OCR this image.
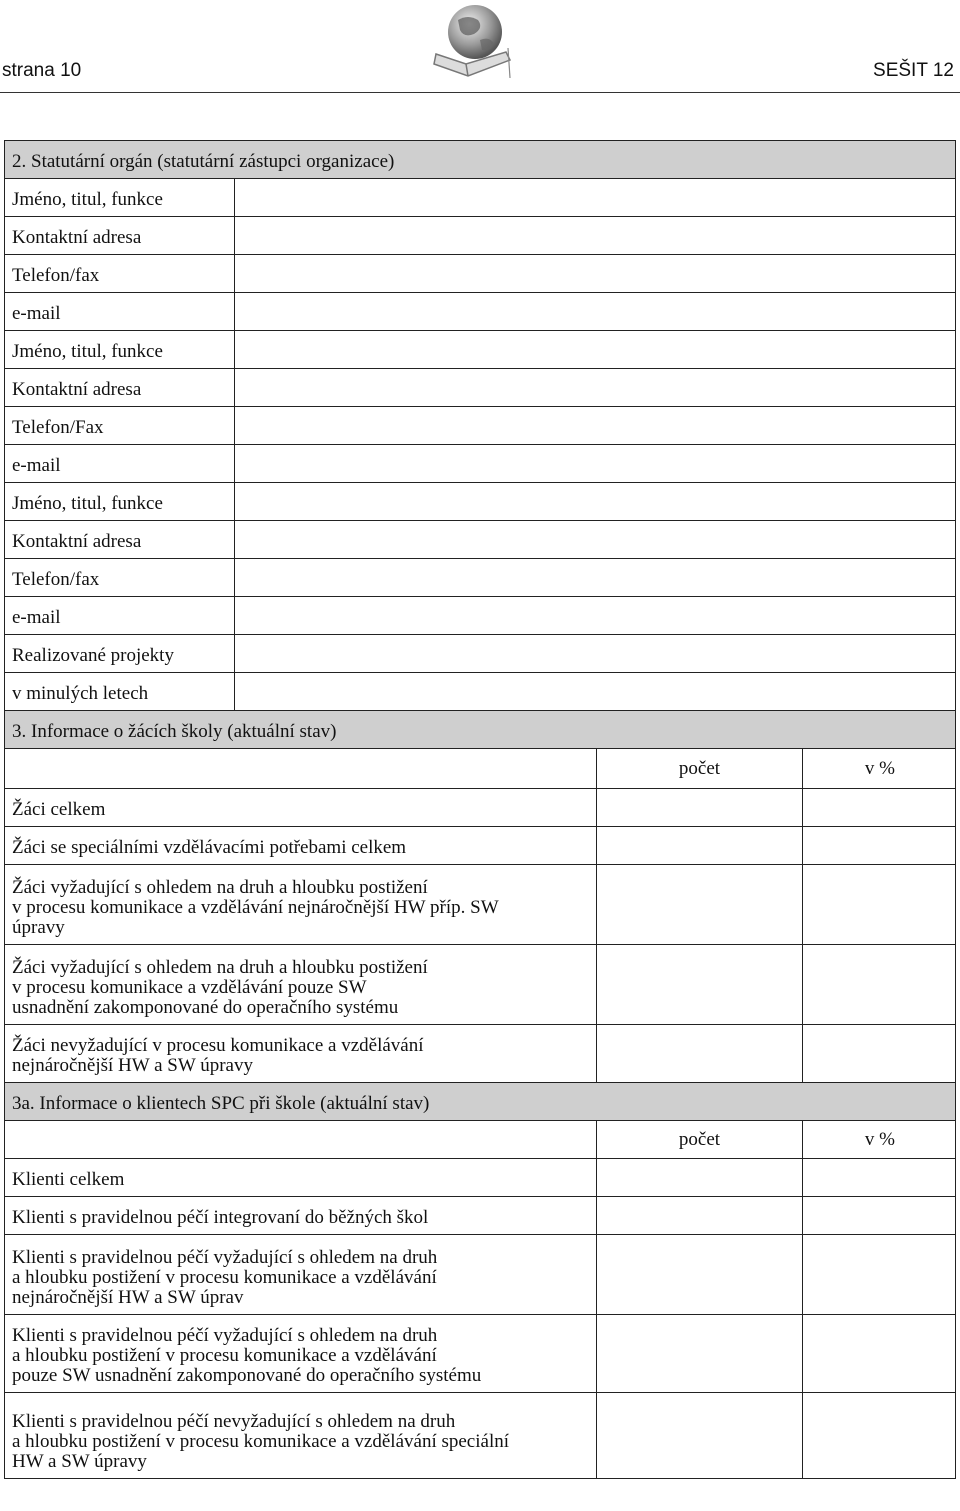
strana 10	SEŠIT 12
2. Statutární orgán (statutární zástupci organizace)
Jméno, titul, funkce
Kontaktní adresa
Telefon/fax
e-mail
Jméno, titul, funkce
Kontaktní adresa
Telefon/Fax
e-mail
Jméno, titul, funkce
Kontaktní adresa
Telefon/fax
e-mail
Realizované projekty
v minulých letech
3. Informace o žácích školy (aktuální stav)
počet	v %
Žáci celkem
Žáci se speciálními vzdělávacími potřebami celkem
Žáci vyžadující s ohledem na druh a hloubku postižení
v procesu komunikace a vzdělávání nejnáročnější HW příp. SW
úpravy
Žáci vyžadující s ohledem na druh a hloubku postižení
v procesu komunikace a vzdělávání pouze SW
usnadnění zakomponované do operačního systému
Žáci nevyžadující v procesu komunikace a vzdělávání
nejnáročnější HW a SW úpravy
3a. Informace o klientech SPC při škole (aktuální stav)
počet	v %
Klienti celkem
Klienti s pravidelnou péčí integrovaní do běžných škol
Klienti s pravidelnou péčí vyžadující s ohledem na druh
a hloubku postižení v procesu komunikace a vzdělávání
nejnáročnější HW a SW úprav
Klienti s pravidelnou péčí vyžadující s ohledem na druh
a hloubku postižení v procesu komunikace a vzdělávání
pouze SW usnadnění zakomponované do operačního systému
Klienti s pravidelnou péčí nevyžadující s ohledem na druh
a hloubku postižení v procesu komunikace a vzdělávání speciální
HW a SW úpravy
